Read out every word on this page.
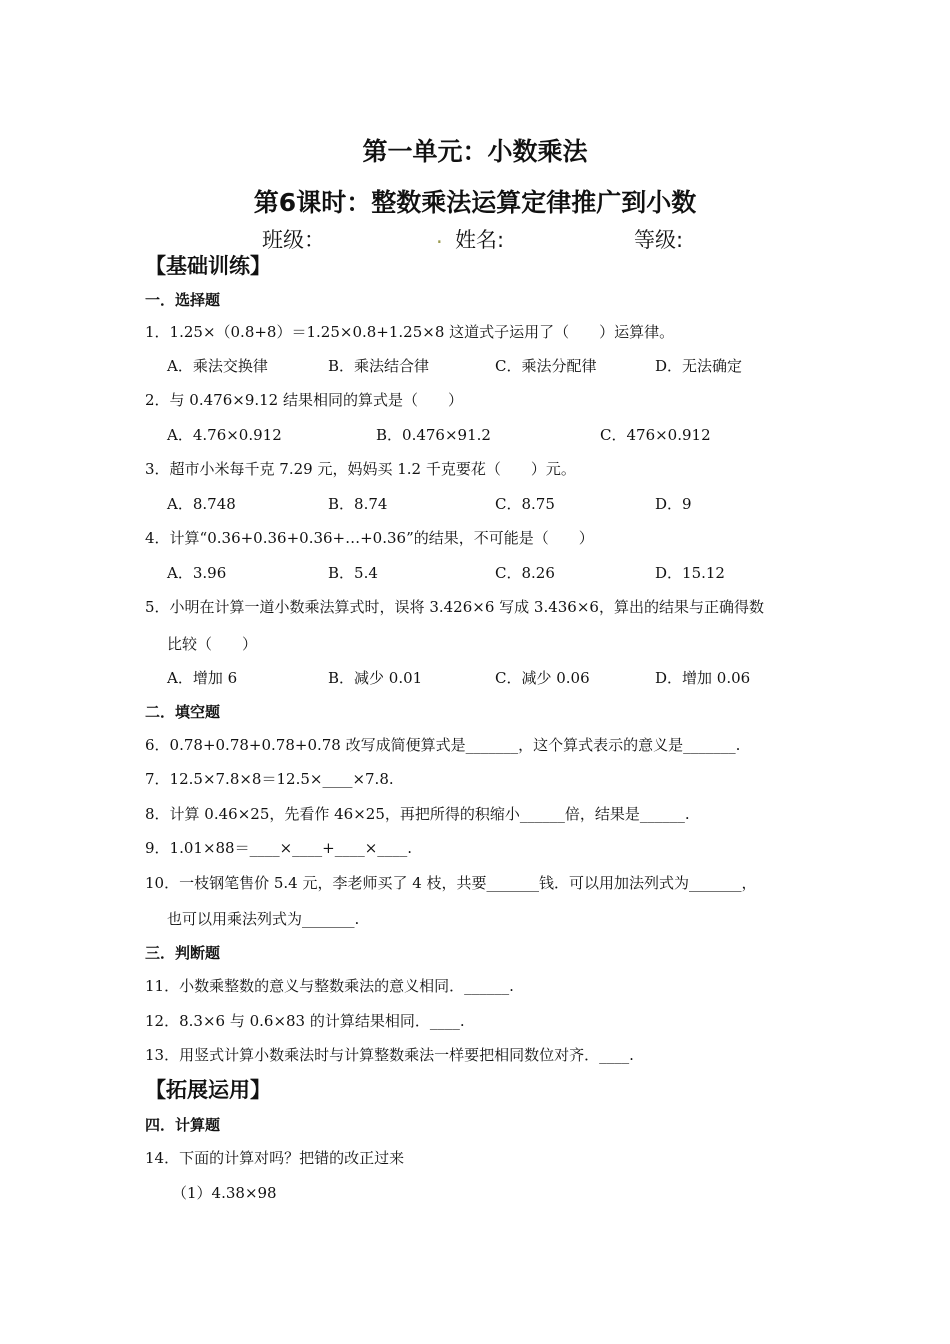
第一单元：小数乘法
第6课时：整数乘法运算定律推广到小数
班级：	. 姓名:	等级:
【基础训练】
一．选择题
1．1.25×（0.8+8）＝1.25×0.8+1.25×8 这道式子运用了（　　）运算律。
A．乘法交换律	B．乘法结合律	C．乘法分配律	D．无法确定
2．与 0.476×9.12 结果相同的算式是（　　）
A．4.76×0.912	B．0.476×91.2	C．476×0.912
3．超市小米每千克 7.29 元，妈妈买 1.2 千克要花（　　）元。
A．8.748	B．8.74	C．8.75	D．9
4．计算“0.36+0.36+0.36+…+0.36”的结果，不可能是（　　）
A．3.96	B．5.4	C．8.26	D．15.12
5．小明在计算一道小数乘法算式时，误将 3.426×6 写成 3.436×6，算出的结果与正确得数
比较（　　）
A．增加 6	B．减少 0.01	C．减少 0.06	D．增加 0.06
二．填空题
6．0.78+0.78+0.78+0.78 改写成简便算式是_______，这个算式表示的意义是_______.
7．12.5×7.8×8＝12.5×____×7.8.
8．计算 0.46×25，先看作 46×25，再把所得的积缩小______倍，结果是______.
9．1.01×88＝____×____+____×____.
10．一枝钢笔售价 5.4 元，李老师买了 4 枝，共要_______钱．可以用加法列式为_______，
也可以用乘法列式为_______.
三．判断题
11．小数乘整数的意义与整数乘法的意义相同．______.
12．8.3×6 与 0.6×83 的计算结果相同．____.
13．用竖式计算小数乘法时与计算整数乘法一样要把相同数位对齐．____.
【拓展运用】
四．计算题
14．下面的计算对吗？把错的改正过来
（1）4.38×98
